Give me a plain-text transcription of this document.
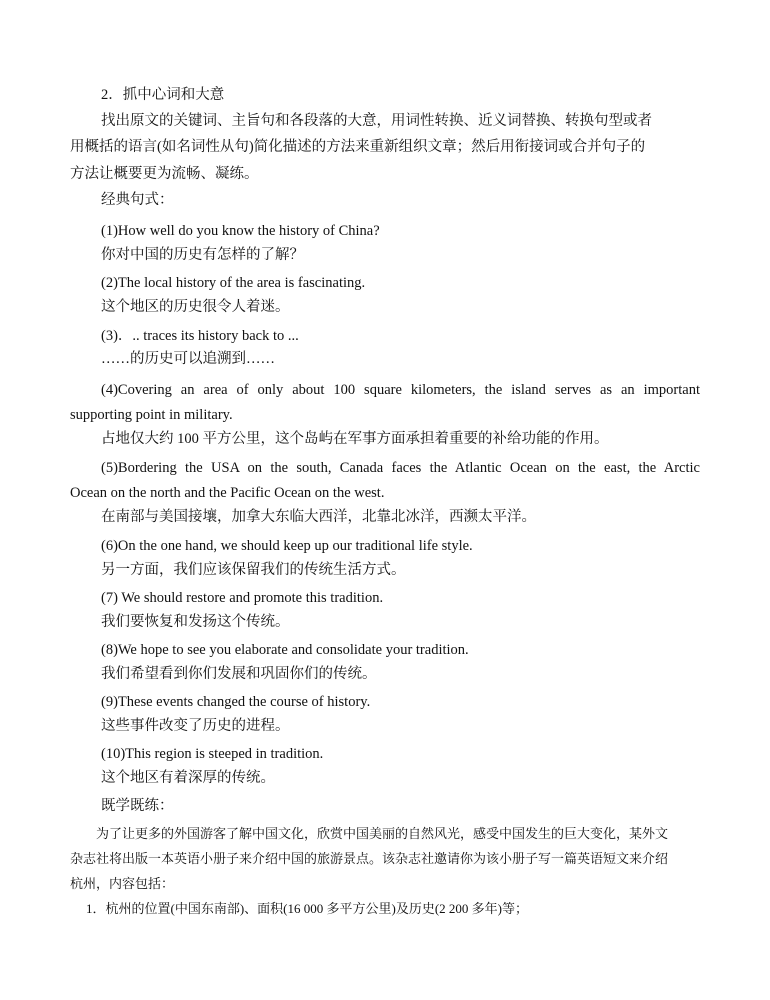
2．抓中心词和大意
找出原文的关键词、主旨句和各段落的大意，用词性转换、近义词替换、转换句型或者
用概括的语言(如名词性从句)简化描述的方法来重新组织文章；然后用衔接词或合并句子的
方法让概要更为流畅、凝练。
经典句式：
(1)How well do you know the history of China?
你对中国的历史有怎样的了解？
(2)The local history of the area is fascinating.
这个地区的历史很令人着迷。
(3)．.. traces its history back to ...
……的历史可以追溯到……
(4)Covering an area of only about 100 square kilometers, the island serves as an important
supporting point in military.
占地仅大约 100 平方公里，这个岛屿在军事方面承担着重要的补给功能的作用。
(5)Bordering the USA on the south, Canada faces the Atlantic Ocean on the east, the Arctic
Ocean on the north and the Pacific Ocean on the west.
在南部与美国接壤，加拿大东临大西洋，北靠北冰洋，西濒太平洋。
(6)On the one hand, we should keep up our traditional life style.
另一方面，我们应该保留我们的传统生活方式。
(7) We should restore and promote this tradition.
我们要恢复和发扬这个传统。
(8)We hope to see you elaborate and consolidate your tradition.
我们希望看到你们发展和巩固你们的传统。
(9)These events changed the course of history.
这些事件改变了历史的进程。
(10)This region is steeped in tradition.
这个地区有着深厚的传统。
既学既练：
为了让更多的外国游客了解中国文化，欣赏中国美丽的自然风光，感受中国发生的巨大变化，某外文
杂志社将出版一本英语小册子来介绍中国的旅游景点。该杂志社邀请你为该小册子写一篇英语短文来介绍
杭州，内容包括：
1．杭州的位置(中国东南部)、面积(16 000 多平方公里)及历史(2 200 多年)等；
